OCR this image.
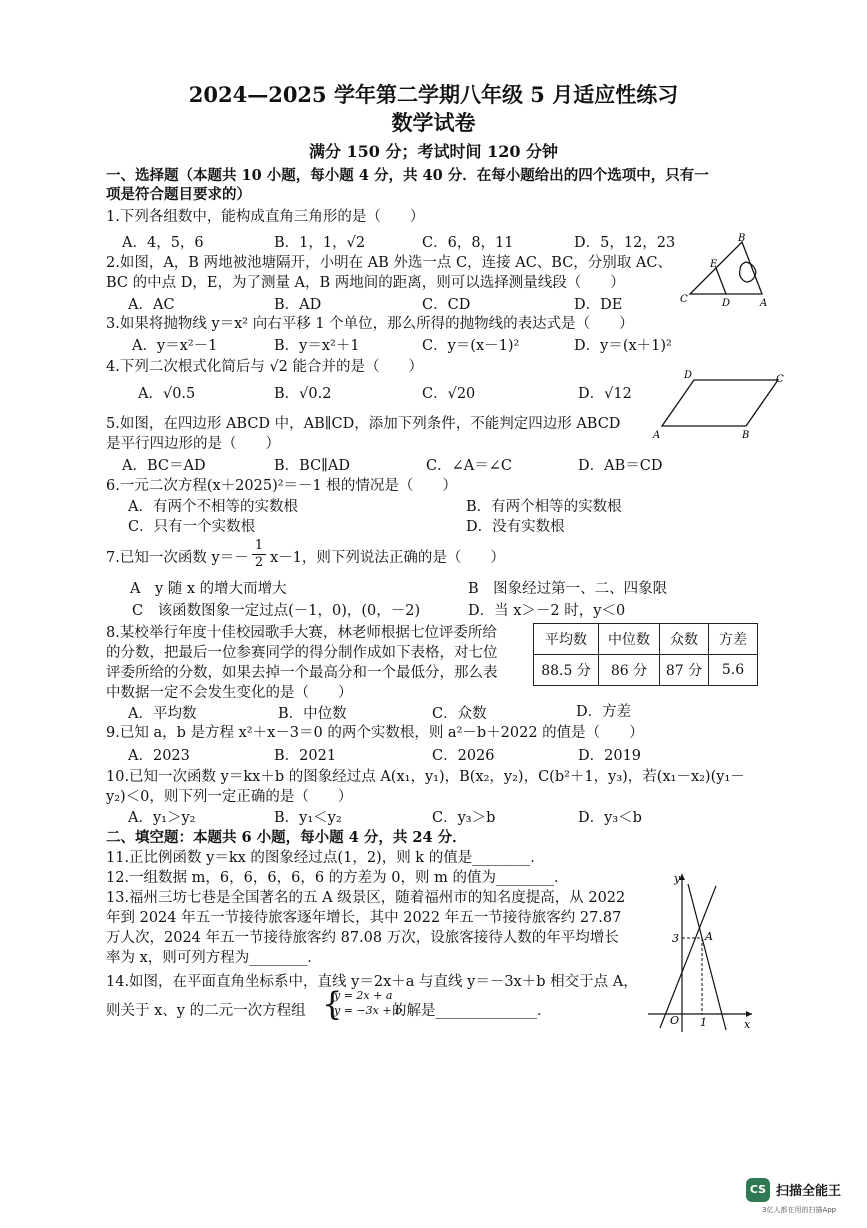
2024—2025 学年第二学期八年级 5 月适应性练习
数学试卷
满分 150 分；考试时间 120 分钟
一、选择题（本题共 10 小题，每小题 4 分，共 40 分．在每小题给出的四个选项中，只有一
项是符合题目要求的）
1.下列各组数中，能构成直角三角形的是（　　）
A．4，5，6	B．1，1，√2	C．6，8，11	D．5，12，23
2.如图，A，B 两地被池塘隔开，小明在 AB 外选一点 C，连接 AC、BC，分别取 AC、
BC 的中点 D，E，为了测量 A，B 两地间的距离，则可以选择测量线段（　　）
A．AC	B．AD	C．CD	D．DE
B
E
C	D	A
3.如果将抛物线 y＝x² 向右平移 1 个单位，那么所得的抛物线的表达式是（　　）
A．y＝x²－1	B．y＝x²＋1	C．y＝(x－1)²	D．y＝(x＋1)²
4.下列二次根式化简后与 √2 能合并的是（　　）
A．√0.5	B．√0.2	C．√20	D．√12
D	C
A	B
5.如图，在四边形 ABCD 中，AB∥CD，添加下列条件，不能判定四边形 ABCD
是平行四边形的是（　　）
A．BC＝AD	B．BC∥AD	C．∠A＝∠C	D．AB＝CD
6.一元二次方程(x＋2025)²＝－1 根的情况是（　　）
A．有两个不相等的实数根	B．有两个相等的实数根
C．只有一个实数根	D．没有实数根
7.已知一次函数 $y=- \frac{1}{2} x-1$，则下列说法正确的是（　　）
A　y 随 x 的增大而增大	B　图象经过第一、二、四象限
C　该函数图象一定过点(－1，0)，(0，－2)	D．当 x＞－2 时，y＜0
8.某校举行年度十佳校园歌手大赛，林老师根据七位评委所给
的分数，把最后一位参赛同学的得分制作成如下表格，对七位
评委所给的分数，如果去掉一个最高分和一个最低分，那么表
中数据一定不会发生变化的是（　　）
平均数	中位数	众数	方差
88.5 分	86 分	87 分	5.6
A．平均数	B．中位数	C．众数	D．方差
9.已知 a，b 是方程 x²＋x－3＝0 的两个实数根，则 a²－b＋2022 的值是（　　）
A．2023	B．2021	C．2026	D．2019
10.已知一次函数 y＝kx＋b 的图象经过点 A(x₁，y₁)，B(x₂，y₂)，C(b²＋1，y₃)，若(x₁－x₂)(y₁－
y₂)＜0，则下列一定正确的是（　　）
A．y₁＞y₂	B．y₁＜y₂	C．y₃＞b	D．y₃＜b
二、填空题：本题共 6 小题，每小题 4 分，共 24 分．
11.正比例函数 y＝kx 的图象经过点(1，2)，则 k 的值是________．
12.一组数据 m，6，6，6，6，6 的方差为 0，则 m 的值为________．
13.福州三坊七巷是全国著名的五 A 级景区，随着福州市的知名度提高，从 2022
年到 2024 年五一节接待旅客逐年增长，其中 2022 年五一节接待旅客约 27.87
万人次，2024 年五一节接待旅客约 87.08 万次，设旅客接待人数的年平均增长
率为 x，则可列方程为________．
14.如图，在平面直角坐标系中，直线 y＝2x＋a 与直线 y＝－3x＋b 相交于点 A，
则关于 x、y 的二元一次方程组 {
y = 2x + a
y = −3x + b
的解是______________．
y
x
O 1
3 A
CS 扫描全能王
3亿人都在用的扫描App
